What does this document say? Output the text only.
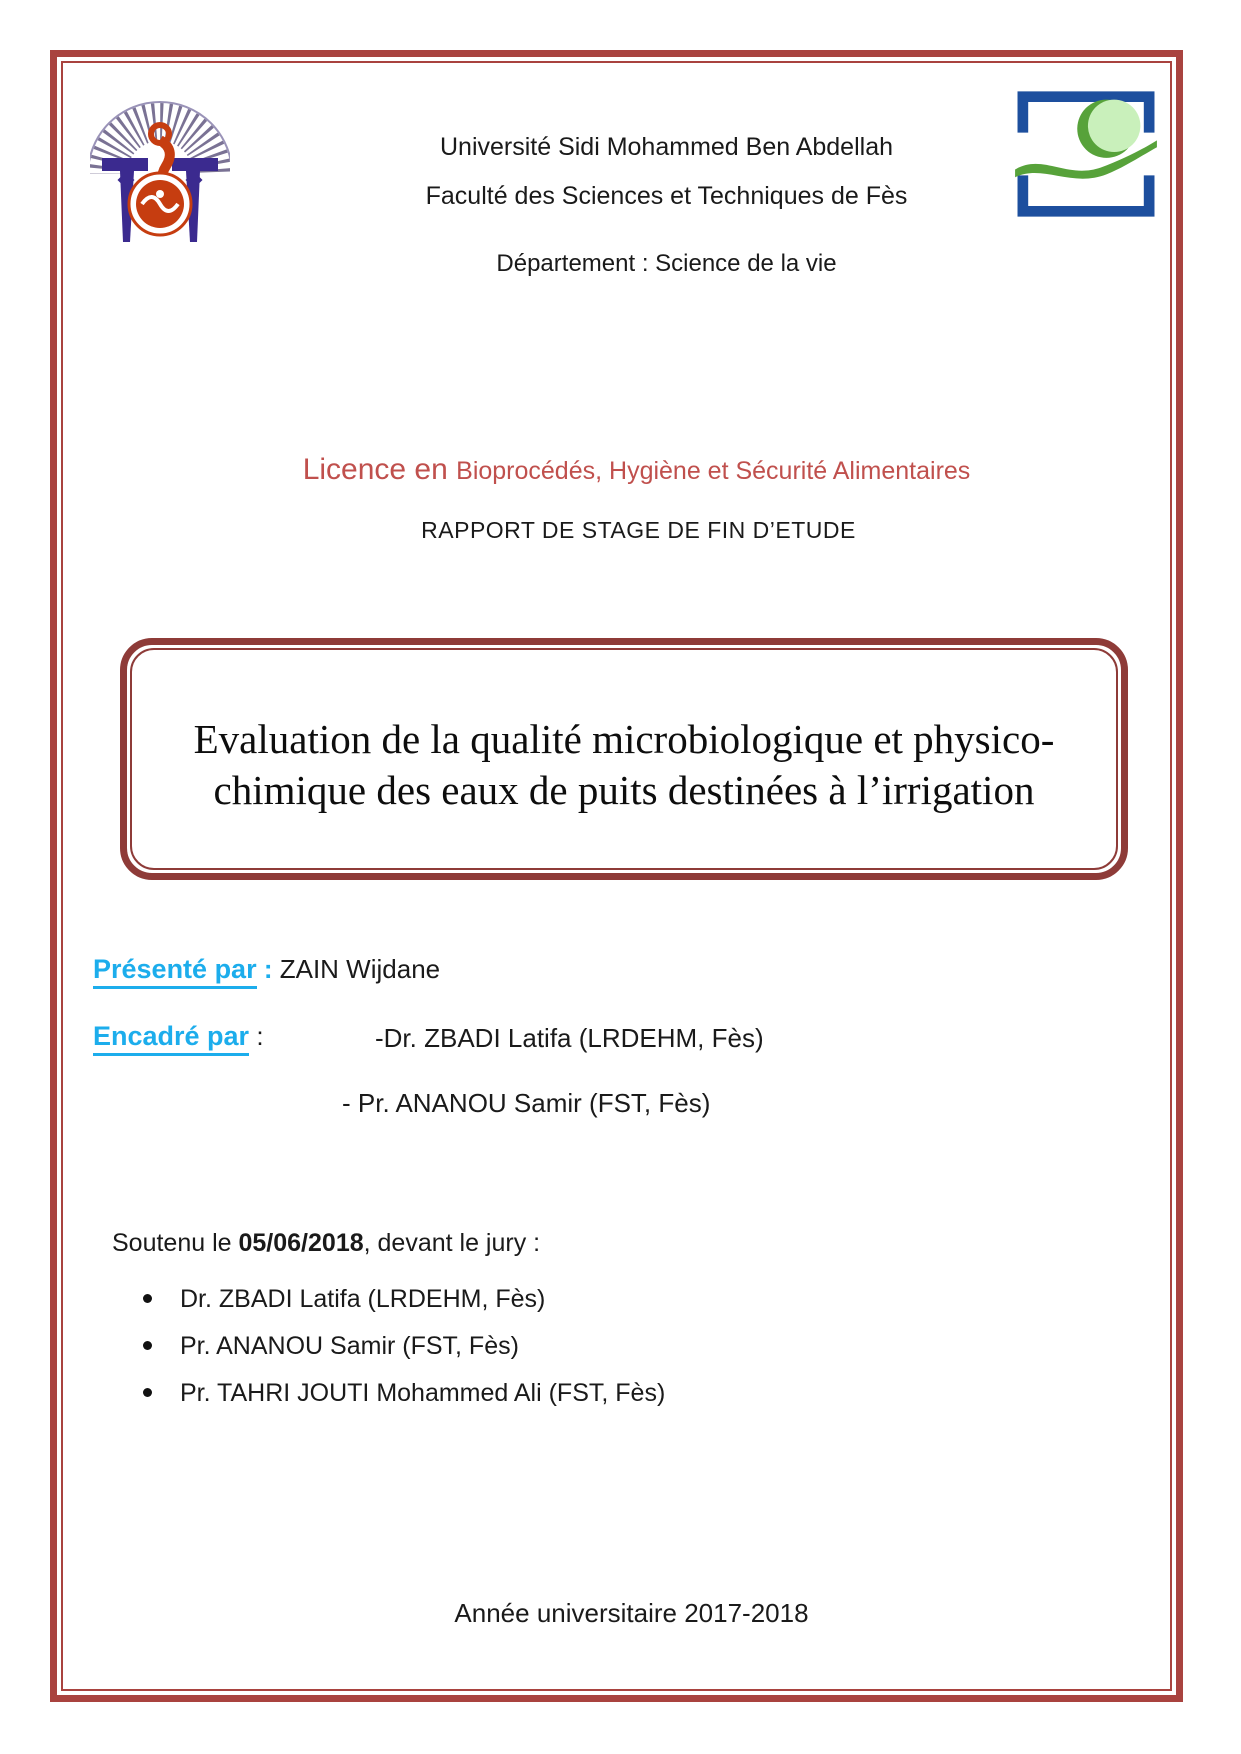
Université Sidi Mohammed Ben Abdellah
Faculté des Sciences et Techniques de Fès
Département : Science de la vie
Licence en Bioprocédés, Hygiène et Sécurité Alimentaires
RAPPORT DE STAGE DE FIN D’ETUDE
Evaluation de la qualité microbiologique et physico-
chimique des eaux de puits destinées à l’irrigation
Présenté par : ZAIN Wijdane
Encadré par :	-Dr. ZBADI Latifa (LRDEHM, Fès)
- Pr. ANANOU Samir (FST, Fès)
Soutenu le 05/06/2018, devant le jury :
Dr. ZBADI Latifa (LRDEHM, Fès)
Pr. ANANOU Samir (FST, Fès)
Pr. TAHRI JOUTI Mohammed Ali (FST, Fès)
Année universitaire 2017-2018
